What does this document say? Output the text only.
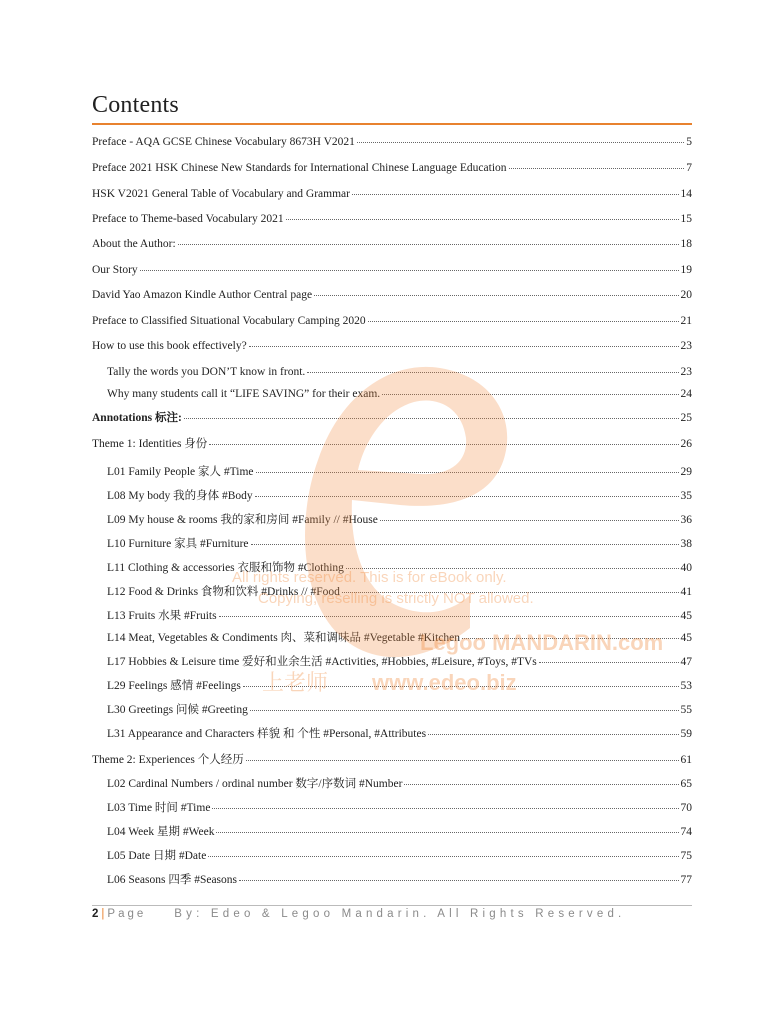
Contents
Preface - AQA GCSE Chinese Vocabulary 8673H V2021	5
Preface 2021 HSK Chinese New Standards for International Chinese Language Education	7
HSK V2021 General Table of Vocabulary and Grammar	14
Preface to Theme-based Vocabulary 2021	15
About the Author:	18
Our Story	19
David Yao Amazon Kindle Author Central page	20
Preface to Classified Situational Vocabulary Camping 2020	21
How to use this book effectively?	23
Tally the words you DON’T know in front.	23
Why many students call it “LIFE SAVING” for their exam.	24
Annotations 标注:	25
Theme 1: Identities 身份	26
L01 Family People 家人 #Time	29
L08 My body 我的身体 #Body	35
L09 My house & rooms 我的家和房间 #Family // #House	36
L10 Furniture 家具 #Furniture	38
L11 Clothing & accessories 衣服和饰物 #Clothing	40
L12 Food & Drinks 食物和饮料 #Drinks // #Food	41
L13 Fruits 水果 #Fruits	45
L14 Meat, Vegetables & Condiments 肉、菜和调味品 #Vegetable #Kitchen	45
L17 Hobbies & Leisure time 爱好和业余生活 #Activities, #Hobbies, #Leisure, #Toys, #TVs	47
L29 Feelings 感情 #Feelings	53
L30 Greetings 问候 #Greeting	55
L31 Appearance and Characters 样貌 和 个性 #Personal, #Attributes	59
Theme 2: Experiences 个人经历	61
L02 Cardinal Numbers / ordinal number 数字/序数词 #Number	65
L03 Time 时间 #Time	70
L04 Week 星期 #Week	74
L05 Date 日期 #Date	75
L06 Seasons 四季 #Seasons	77
All rights reserved. This is for eBook only.
Copying, reselling is strictly NOT allowed.
Legoo MANDARIN.com
上老师 www.edeo.biz
2 | Page By: Edeo & Legoo Mandarin. All Rights Reserved.
